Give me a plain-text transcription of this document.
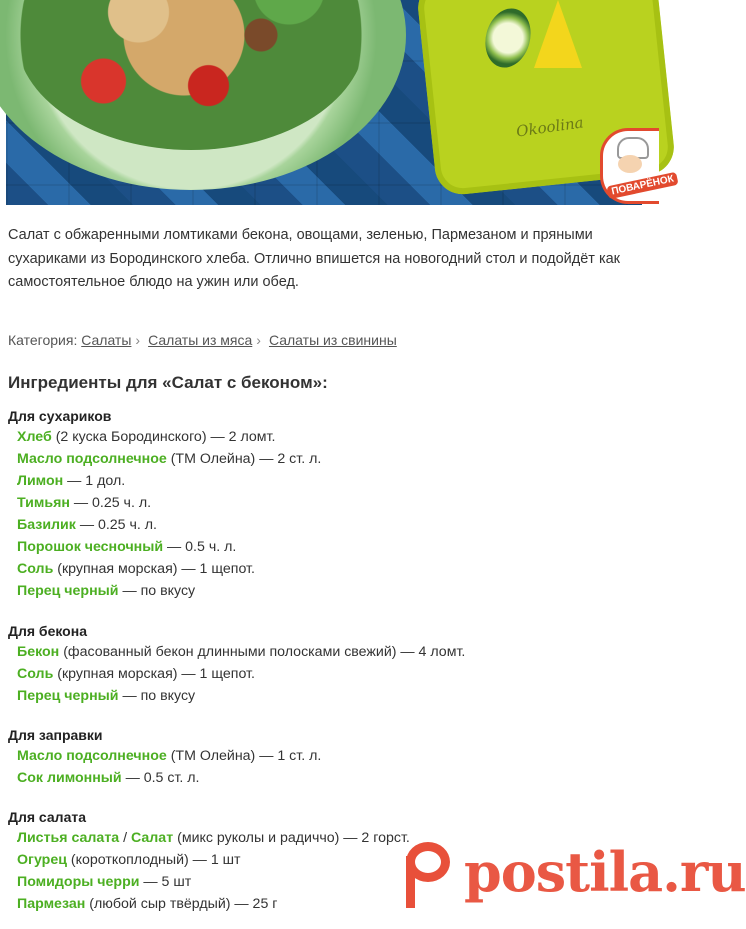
Okoolina
ПОВАРЁНОК

Салат с обжаренными ломтиками бекона, овощами, зеленью, Пармезаном и пряными сухариками из Бородинского хлеба. Отлично впишется на новогодний стол и подойдёт как самостоятельное блюдо на ужин или обед.

Категория: Салаты › Салаты из мяса › Салаты из свинины
Ингредиенты для «Салат с беконом»:
Для сухариков
Хлеб (2 куска Бородинского) — 2 ломт.
Масло подсолнечное (ТМ Олейна) — 2 ст. л.
Лимон — 1 дол.
Тимьян — 0.25 ч. л.
Базилик — 0.25 ч. л.
Порошок чесночный — 0.5 ч. л.
Соль (крупная морская) — 1 щепот.
Перец черный — по вкусу
Для бекона
Бекон (фасованный бекон длинными полосками свежий) — 4 ломт.
Соль (крупная морская) — 1 щепот.
Перец черный — по вкусу
Для заправки
Масло подсолнечное (ТМ Олейна) — 1 ст. л.
Сок лимонный — 0.5 ст. л.
Для салата
Листья салата / Салат (микс руколы и радиччо) — 2 горст.
Огурец (короткоплодный) — 1 шт
Помидоры черри — 5 шт
Пармезан (любой сыр твёрдый) — 25 г	postila.ru
